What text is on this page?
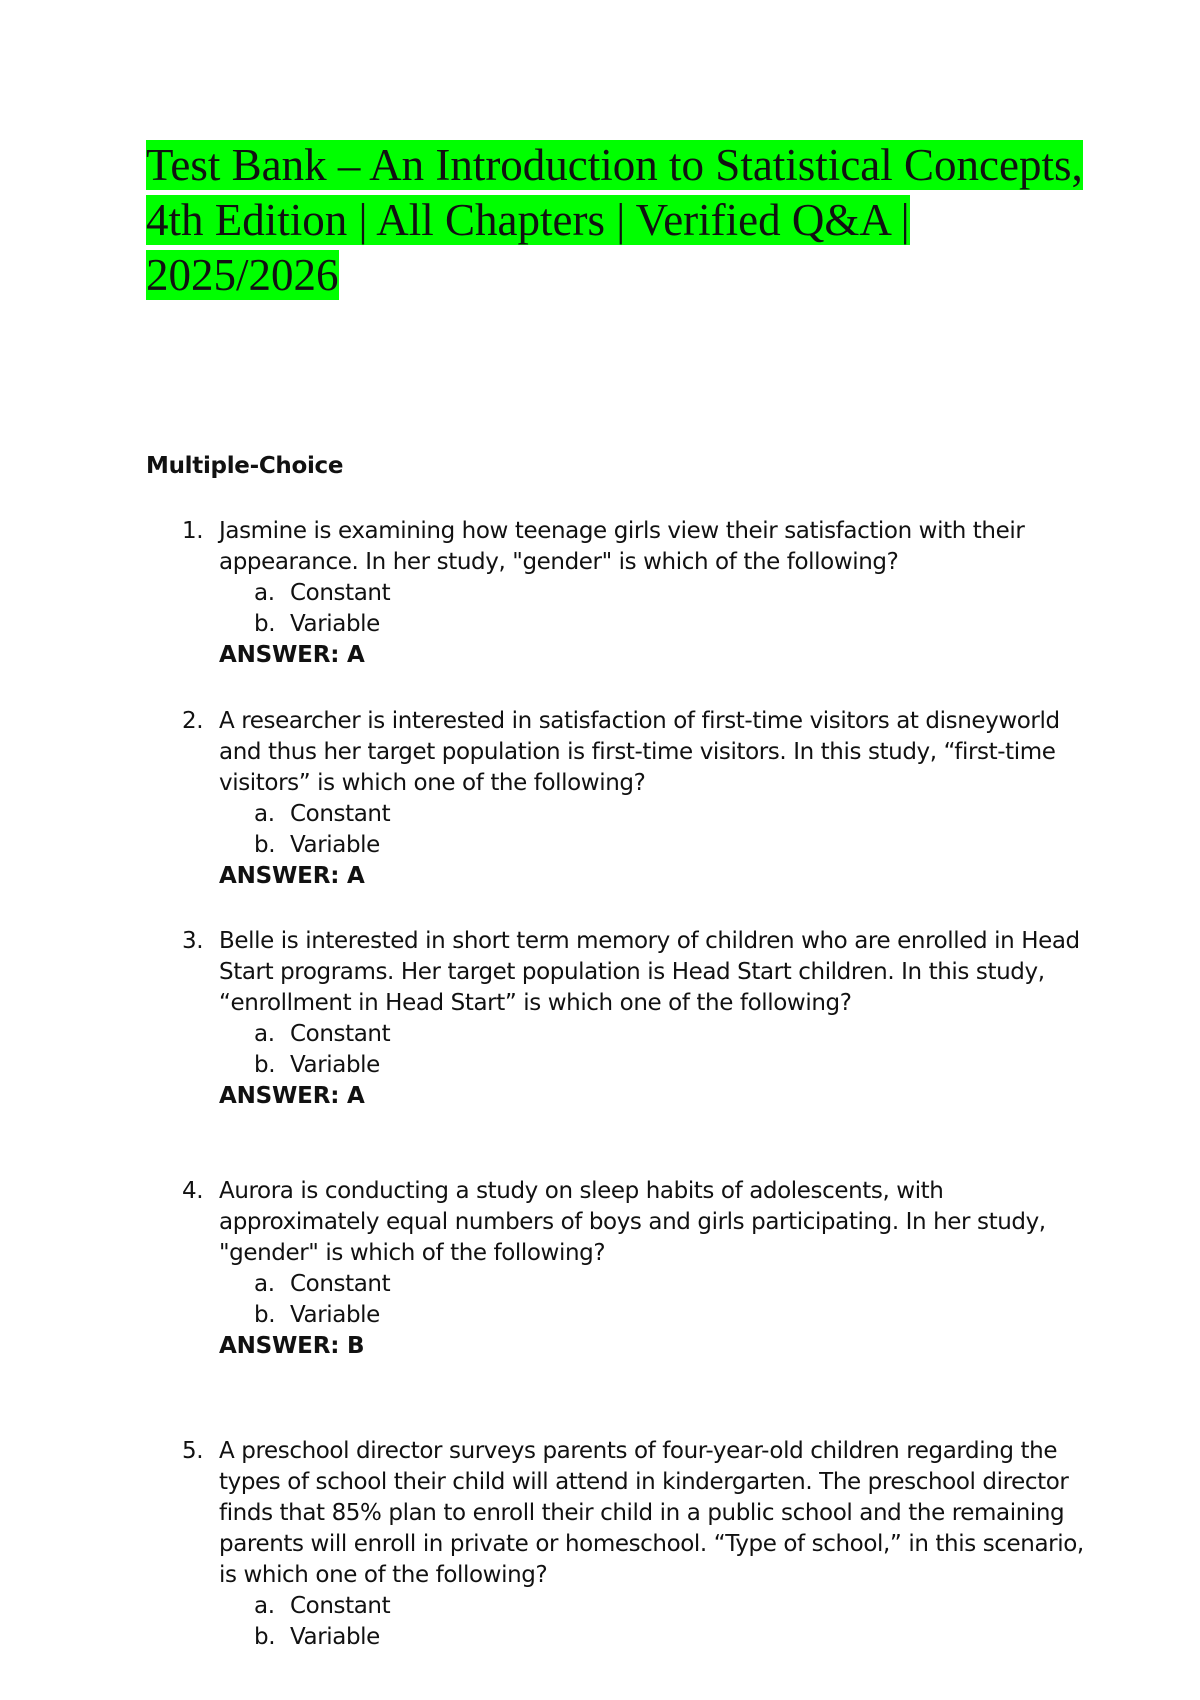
Test Bank – An Introduction to Statistical Concepts, 4th Edition | All Chapters | Verified Q&A | 2025/2026
Multiple-Choice
1. Jasmine is examining how teenage girls view their satisfaction with their appearance. In her study, "gender" is which of the following?
a. Constant
b. Variable
ANSWER: A
2. A researcher is interested in satisfaction of first-time visitors at disneyworld and thus her target population is first-time visitors. In this study, “first-time visitors” is which one of the following?
a. Constant
b. Variable
ANSWER: A
3. Belle is interested in short term memory of children who are enrolled in Head Start programs. Her target population is Head Start children. In this study, “enrollment in Head Start” is which one of the following?
a. Constant
b. Variable
ANSWER: A
4. Aurora is conducting a study on sleep habits of adolescents, with approximately equal numbers of boys and girls participating. In her study, "gender" is which of the following?
a. Constant
b. Variable
ANSWER: B
5. A preschool director surveys parents of four-year-old children regarding the types of school their child will attend in kindergarten. The preschool director finds that 85% plan to enroll their child in a public school and the remaining parents will enroll in private or homeschool. “Type of school,” in this scenario, is which one of the following?
a. Constant
b. Variable
